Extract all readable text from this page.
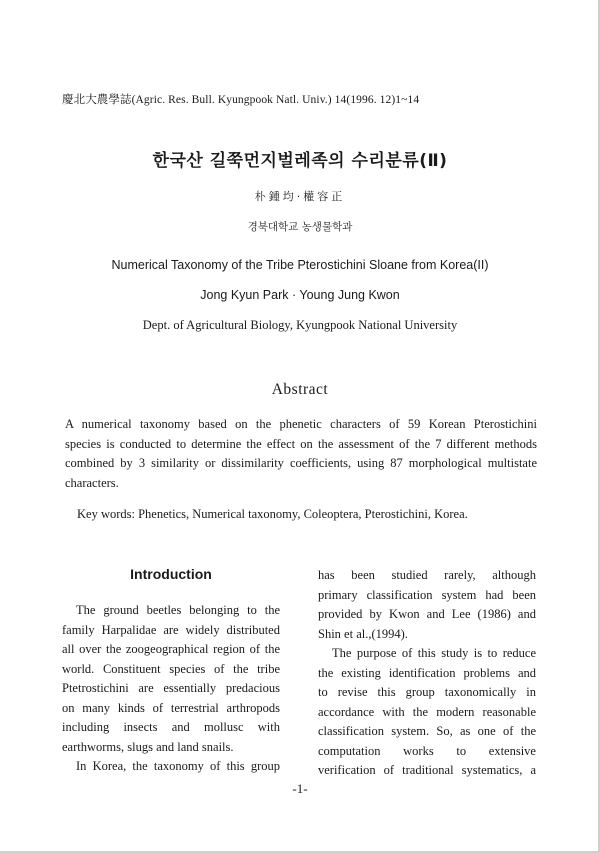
慶北大農學誌(Agric. Res. Bull. Kyungpook Natl. Univ.) 14(1996. 12)1~14
한국산 길쭉먼지벌레족의 수리분류(Ⅱ)
朴鍾均·權容正
경북대학교 농생물학과
Numerical Taxonomy of the Tribe Pterostichini Sloane from Korea(II)
Jong Kyun Park · Young Jung Kwon
Dept. of Agricultural Biology, Kyungpook National University
Abstract
A numerical taxonomy based on the phenetic characters of 59 Korean Pterostichini
species is conducted to determine the effect on the assessment of the 7 different methods
combined by 3 similarity or dissimilarity coefficients, using 87 morphological multistate
characters.
Key words: Phenetics, Numerical taxonomy, Coleoptera, Pterostichini, Korea.
Introduction
The ground beetles belonging to the
family Harpalidae are widely distributed
all over the zoogeographical region of the
world. Constituent species of the tribe
Ptetrostichini are essentially predacious
on many kinds of terrestrial arthropods
including insects and mollusc with
earthworms, slugs and land snails.
In Korea, the taxonomy of this group
has been studied rarely, although
primary classification system had been
provided by Kwon and Lee (1986) and
Shin et al.,(1994).
The purpose of this study is to reduce
the existing identification problems and
to revise this group taxonomically in
accordance with the modern reasonable
classification system. So, as one of the
computation works to extensive
verification of traditional systematics, a
-1-
